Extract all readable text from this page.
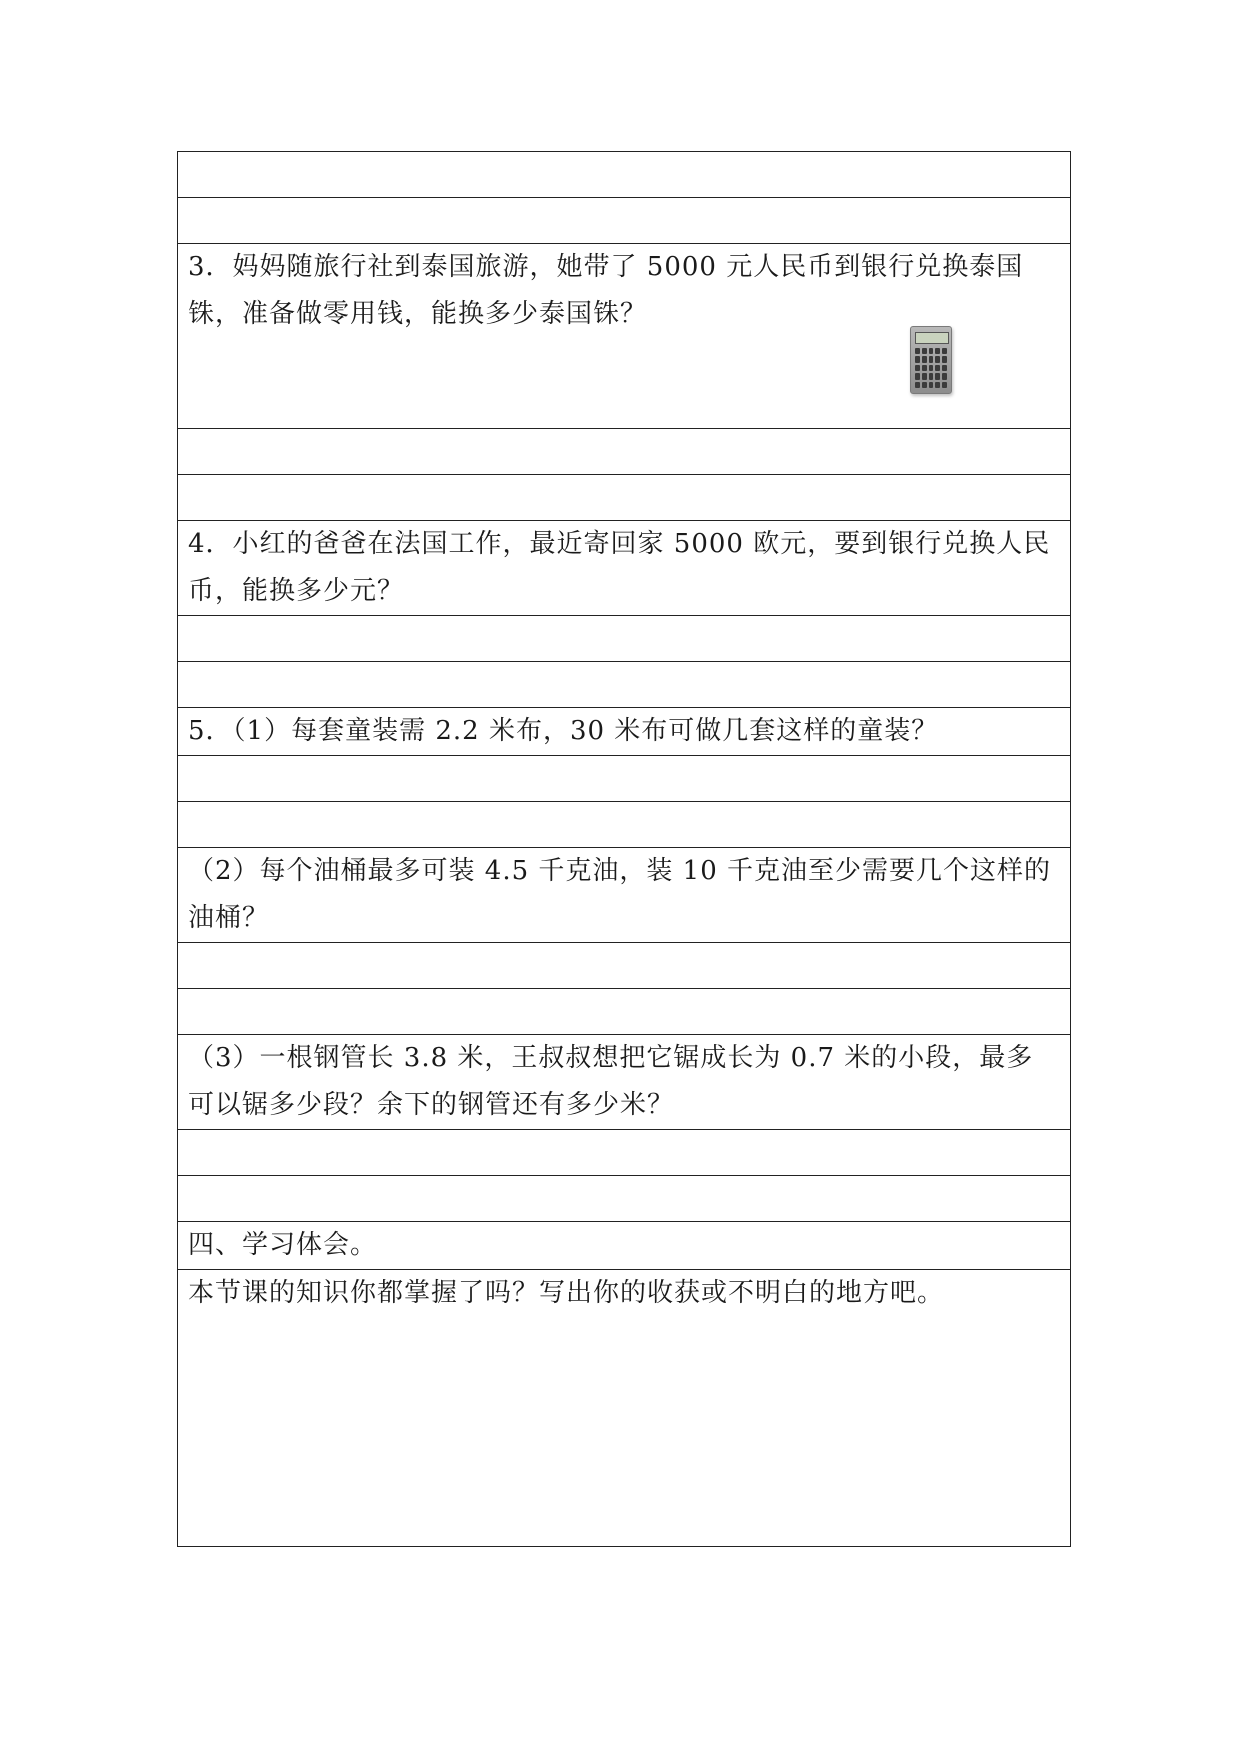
3．妈妈随旅行社到泰国旅游，她带了 5000 元人民币到银行兑换泰国铢，准备做零用钱，能换多少泰国铢？

4．小红的爸爸在法国工作，最近寄回家 5000 欧元，要到银行兑换人民币，能换多少元？

5．（1）每套童装需 2.2 米布，30 米布可做几套这样的童装？

（2）每个油桶最多可装 4.5 千克油，装 10 千克油至少需要几个这样的油桶？

（3）一根钢管长 3.8 米，王叔叔想把它锯成长为 0.7 米的小段，最多可以锯多少段？余下的钢管还有多少米？

四、学习体会。
本节课的知识你都掌握了吗？写出你的收获或不明白的地方吧。
